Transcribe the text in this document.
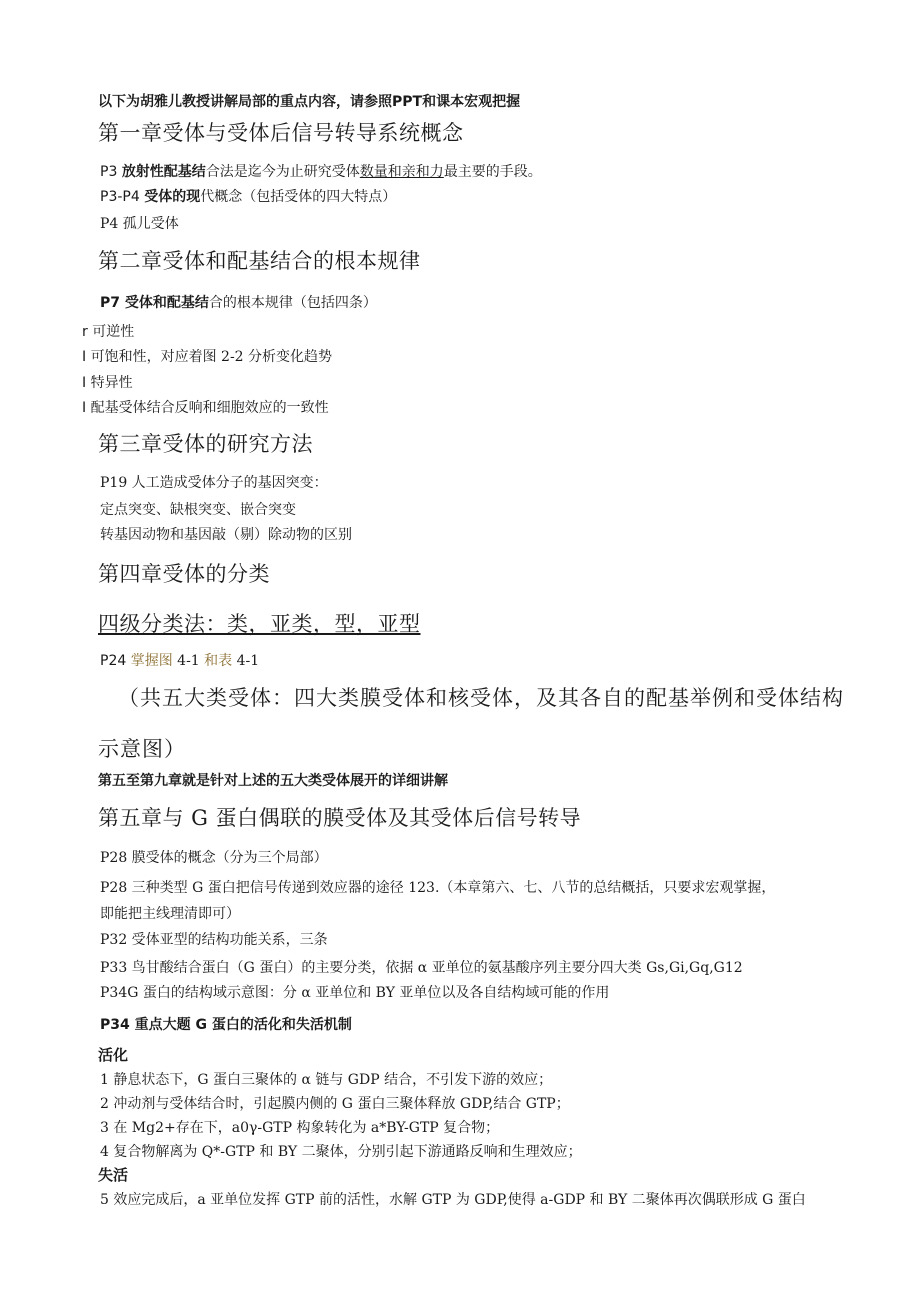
以下为胡雅儿教授讲解局部的重点内容，请参照PPT和课本宏观把握
第一章受体与受体后信号转导系统概念
P3 放射性配基结合法是迄今为止研究受体数量和亲和力最主要的手段。
P3-P4 受体的现代概念（包括受体的四大特点）
P4 孤儿受体
第二章受体和配基结合的根本规律
P7 受体和配基结合的根本规律（包括四条）
r 可逆性
I 可饱和性，对应着图 2-2 分析变化趋势
I 特异性
I 配基受体结合反响和细胞效应的一致性
第三章受体的研究方法
P19 人工造成受体分子的基因突变：
定点突变、缺根突变、嵌合突变
转基因动物和基因敲（剔）除动物的区别
第四章受体的分类
四级分类法：类，亚类，型，亚型
P24 掌握图 4-1 和表 4-1
（共五大类受体：四大类膜受体和核受体，及其各自的配基举例和受体结构
示意图）
第五至第九章就是针对上述的五大类受体展开的详细讲解
第五章与 G 蛋白偶联的膜受体及其受体后信号转导
P28 膜受体的概念（分为三个局部）
P28 三种类型 G 蛋白把信号传递到效应器的途径 123.（本章第六、七、八节的总结概括，只要求宏观掌握，
即能把主线理清即可）
P32 受体亚型的结构功能关系，三条
P33 鸟甘酸结合蛋白（G 蛋白）的主要分类，依据 α 亚单位的氨基酸序列主要分四大类 Gs,Gi,Gq,G12
P34G 蛋白的结构域示意图：分 α 亚单位和 BY 亚单位以及各自结构域可能的作用
P34 重点大题 G 蛋白的活化和失活机制
活化
1 静息状态下，G 蛋白三聚体的 α 链与 GDP 结合，不引发下游的效应；
2 冲动剂与受体结合时，引起膜内侧的 G 蛋白三聚体释放 GDP,结合 GTP；
3 在 Mg2+存在下，a0γ-GTP 构象转化为 a*BY-GTP 复合物；
4 复合物解离为 Q*-GTP 和 BY 二聚体，分别引起下游通路反响和生理效应；
失活
5 效应完成后，a 亚单位发挥 GTP 前的活性，水解 GTP 为 GDP,使得 a-GDP 和 BY 二聚体再次偶联形成 G 蛋白
